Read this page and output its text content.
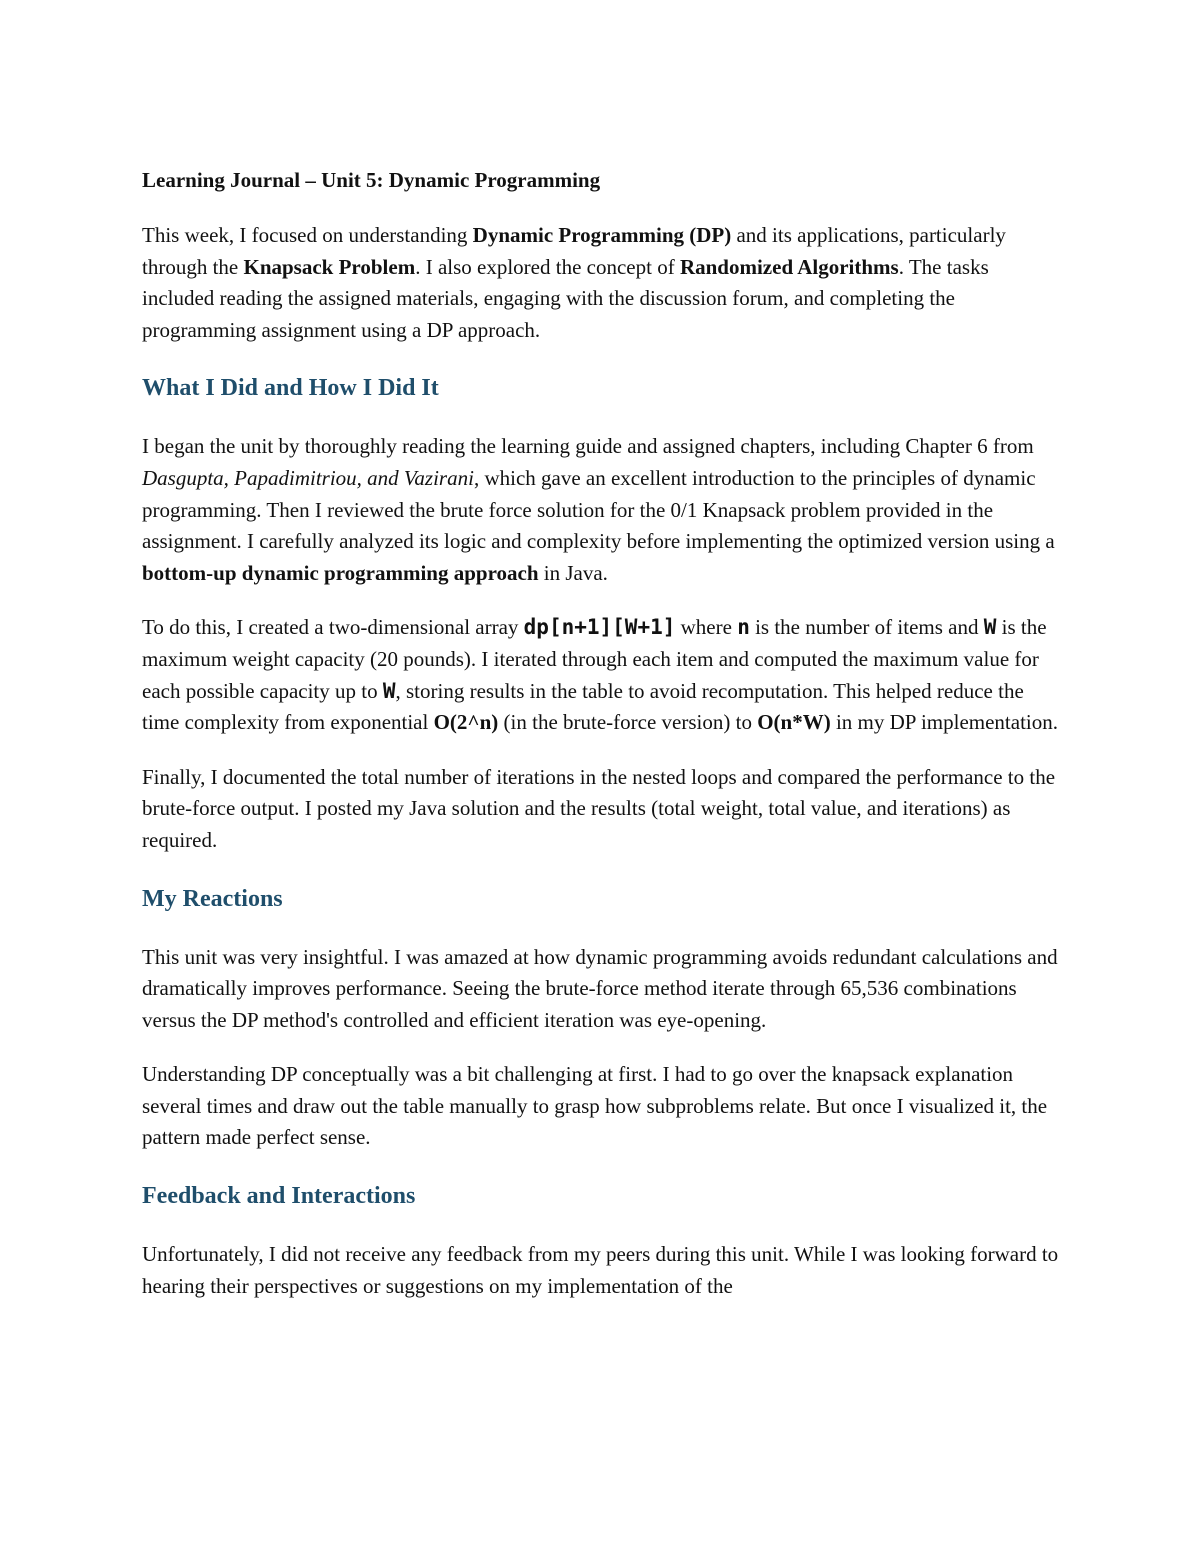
Learning Journal – Unit 5: Dynamic Programming

This week, I focused on understanding Dynamic Programming (DP) and its applications, particularly through the Knapsack Problem. I also explored the concept of Randomized Algorithms. The tasks included reading the assigned materials, engaging with the discussion forum, and completing the programming assignment using a DP approach.

What I Did and How I Did It

I began the unit by thoroughly reading the learning guide and assigned chapters, including Chapter 6 from Dasgupta, Papadimitriou, and Vazirani, which gave an excellent introduction to the principles of dynamic programming. Then I reviewed the brute force solution for the 0/1 Knapsack problem provided in the assignment. I carefully analyzed its logic and complexity before implementing the optimized version using a bottom-up dynamic programming approach in Java.

To do this, I created a two-dimensional array dp[n+1][W+1] where n is the number of items and W is the maximum weight capacity (20 pounds). I iterated through each item and computed the maximum value for each possible capacity up to W, storing results in the table to avoid recomputation. This helped reduce the time complexity from exponential O(2^n) (in the brute-force version) to O(n*W) in my DP implementation.

Finally, I documented the total number of iterations in the nested loops and compared the performance to the brute-force output. I posted my Java solution and the results (total weight, total value, and iterations) as required.

My Reactions

This unit was very insightful. I was amazed at how dynamic programming avoids redundant calculations and dramatically improves performance. Seeing the brute-force method iterate through 65,536 combinations versus the DP method's controlled and efficient iteration was eye-opening.

Understanding DP conceptually was a bit challenging at first. I had to go over the knapsack explanation several times and draw out the table manually to grasp how subproblems relate. But once I visualized it, the pattern made perfect sense.

Feedback and Interactions

Unfortunately, I did not receive any feedback from my peers during this unit. While I was looking forward to hearing their perspectives or suggestions on my implementation of the
